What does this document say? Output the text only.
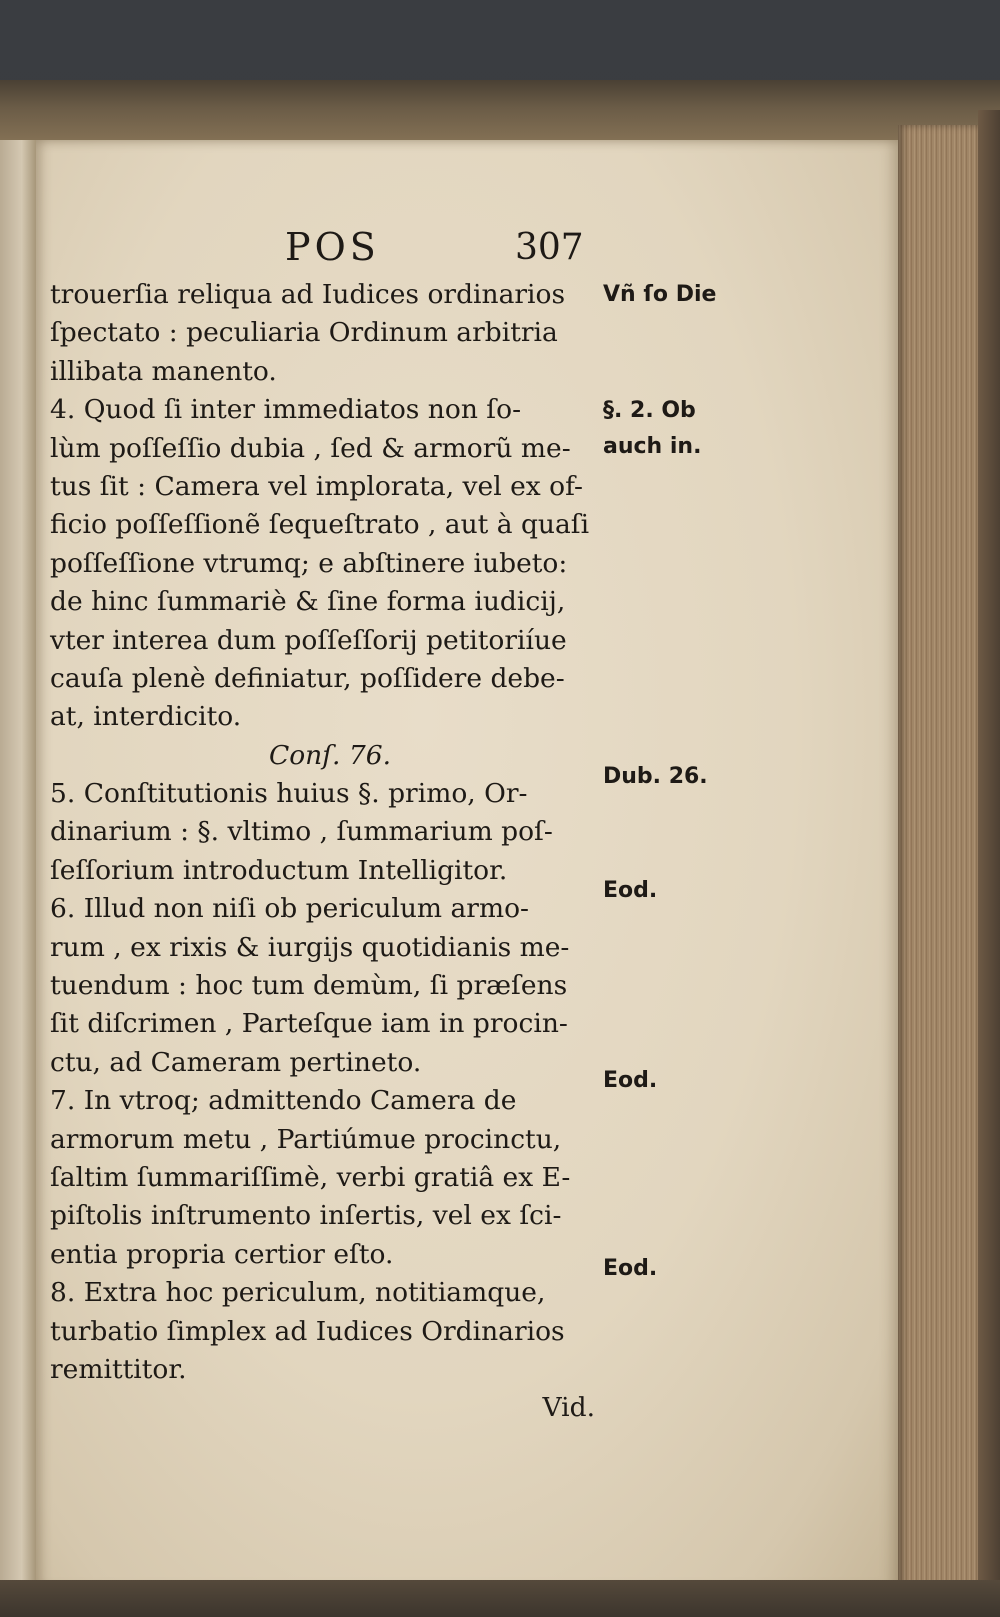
POS	307
trouerſia reliqua ad Iudices ordinarios
ſpectato : peculiaria Ordinum arbitria
illibata manento.
4. Quod ſi inter immediatos non ſo-
lùm poſſeſſio dubia , ſed & armorũ me-
tus ſit : Camera vel implorata, vel ex of-
ficio poſſeſſionẽ ſequeſtrato , aut à quaſi
poſſeſſione vtrumq; e abſtinere iubeto:
de hinc ſummariè & ſine forma iudicij,
vter interea dum poſſeſſorij petitoriíue
cauſa plenè definiatur, poſſidere debe-
at, interdicito.
Conſ. 76.
5. Conſtitutionis huius §. primo, Or-
dinarium : §. vltimo , ſummarium poſ-
ſeſſorium introductum Intelligitor.
6. Illud non niſi ob periculum armo-
rum , ex rixis & iurgijs quotidianis me-
tuendum : hoc tum demùm, ſi præſens
ſit diſcrimen , Parteſque iam in procin-
ctu, ad Cameram pertineto.
7. In vtroq; admittendo Camera de
armorum metu , Partiúmue procinctu,
ſaltim ſummariſſimè, verbi gratiâ ex E-
piſtolis inſtrumento inſertis, vel ex ſci-
entia propria certior eſto.
8. Extra hoc periculum, notitiamque,
turbatio ſimplex ad Iudices Ordinarios
remittitor.
Vid.
Vñ ſo Die
§. 2. Ob
auch in.
Dub. 26.
Eod.
Eod.
Eod.
